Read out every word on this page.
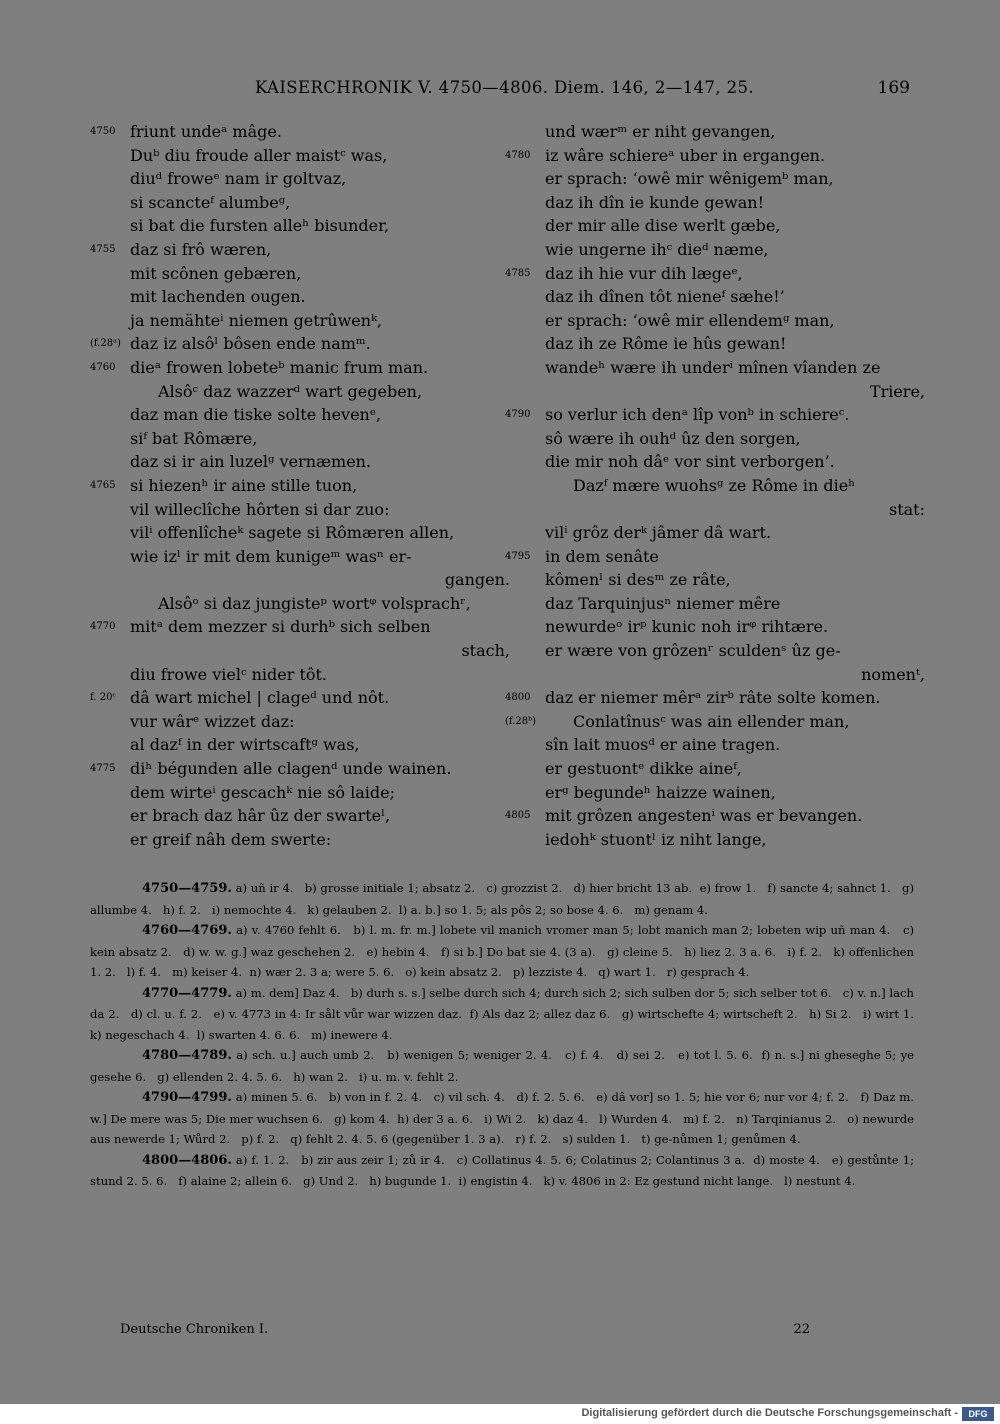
KAISERCHRONIK V. 4750—4806. Diem. 146, 2—147, 25.	169
4750 friunt undeᵃ mâge.
Duᵇ diu froude aller maistᶜ was,
diuᵈ froweᵉ nam ir goltvaz,
si scancteᶠ alumbeᵍ,
si bat die fursten alleʰ bisunder,
4755 daz si frô wæren,
mit scônen gebæren,
mit lachenden ougen.
ja nemähteⁱ niemen getrûwenᵏ,
(f.28ᵃ) daz iz alsôˡ bôsen ende namᵐ.
4760 dieᵃ frowen lobeteᵇ manic frum man.
Alsôᶜ daz wazzerᵈ wart gegeben,
daz man die tiske solte hevenᵉ,
siᶠ bat Rômære,
daz si ir ain luzelᵍ vernæmen.
4765 si hiezenʰ ir aine stille tuon,
vil willeclîche hôrten si dar zuo:
vilⁱ offenlîcheᵏ sagete si Rômæren allen,
wie izˡ ir mit dem kunigeᵐ wasⁿ er-
gangen.
Alsôᵒ si daz jungisteᵖ wortᵠ volsprachʳ,
4770 mitᵃ dem mezzer si durhᵇ sich selben
stach,
diu frowe vielᶜ nider tôt.
f. 20ᶜ dâ wart michel | clageᵈ und nôt.
vur wârᵉ wizzet daz:
al dazᶠ in der wirtscaftᵍ was,
4775 diʰ bégunden alle clagenᵈ unde wainen.
dem wirteⁱ gescachᵏ nie sô laide;
er brach daz hâr ûz der swarteˡ,
er greif nâh dem swerte:
und wærᵐ er niht gevangen,
4780 iz wâre schiereᵃ uber in ergangen.
er sprach: ‘owê mir wênigemᵇ man,
daz ih dîn ie kunde gewan!
der mir alle dise werlt gæbe,
wie ungerne ihᶜ dieᵈ næme,
4785 daz ih hie vur dih lægeᵉ,
daz ih dînen tôt nieneᶠ sæhe!’
er sprach: ‘owê mir ellendemᵍ man,
daz ih ze Rôme ie hûs gewan!
wandeʰ wære ih underⁱ mînen vîanden ze
Triere,
4790 so verlur ich denᵃ lîp vonᵇ in schiereᶜ.
sô wære ih ouhᵈ ûz den sorgen,
die mir noh dâᵉ vor sint verborgen’.
Dazᶠ mære wuohsᵍ ze Rôme in dieʰ
stat:
vilⁱ grôz derᵏ jâmer dâ wart.
4795 in dem senâte
kômenˡ si desᵐ ze râte,
daz Tarquinjusⁿ niemer mêre
newurdeᵒ irᵖ kunic noh irᵠ rihtære.
er wære von grôzenʳ sculdenˢ ûz ge-
nomenᵗ,
4800 daz er niemer mêrᵃ zirᵇ râte solte komen.
(f.28ᵇ)	Conlatînusᶜ was ain ellender man,
sîn lait muosᵈ er aine tragen.
er gestuontᵉ dikke aineᶠ,
erᵍ begundeʰ haizze wainen,
4805 mit grôzen angestenⁱ was er bevangen.
iedohᵏ stuontˡ iz niht lange,
4750—4759. a) uñ ir 4.   b) grosse initiale 1; absatz 2.   c) grozzist 2.   d) hier bricht 13 ab.  e) frow 1.   f) sancte 4; sahnct 1.   g) allumbe 4.   h) f. 2.   i) nemochte 4.   k) gelauben 2.  l) a. b.] so 1. 5; als pôs 2; so bose 4. 6.   m) genam 4.
4760—4769. a) v. 4760 fehlt 6.   b) l. m. fr. m.] lobete vil manich vromer man 5; lobt manich man 2; lobeten wip uñ man 4.   c) kein absatz 2.   d) w. w. g.] waz geschehen 2.   e) hebin 4.   f) si b.] Do bat sie 4. (3 a).   g) cleine 5.   h) liez 2. 3 a. 6.   i) f. 2.   k) offenlichen 1. 2.   l) f. 4.   m) keiser 4.  n) wær 2. 3 a; were 5. 6.   o) kein absatz 2.   p) lezziste 4.   q) wart 1.   r) gesprach 4.
4770—4779. a) m. dem] Daz 4.   b) durh s. s.] selbe durch sich 4; durch sich 2; sich sulben dor 5; sich selber tot 6.   c) v. n.] lach da 2.   d) cl. u. f. 2.   e) v. 4773 in 4: Ir sålt vůr war wizzen daz.  f) Als daz 2; allez daz 6.   g) wirtschefte 4; wirtscheft 2.   h) Si 2.   i) wirt 1.   k) negeschach 4.  l) swarten 4. 6. 6.   m) inewere 4.
4780—4789. a) sch. u.] auch umb 2.   b) wenigen 5; weniger 2. 4.   c) f. 4.   d) sei 2.   e) tot l. 5. 6.  f) n. s.] ni gheseghe 5; ye gesehe 6.   g) ellenden 2. 4. 5. 6.   h) wan 2.   i) u. m. v. fehlt 2.
4790—4799. a) minen 5. 6.   b) von in f. 2. 4.   c) vil sch. 4.   d) f. 2. 5. 6.   e) dâ vor] so 1. 5; hie vor 6; nur vor 4; f. 2.   f) Daz m. w.] De mere was 5; Die mer wuchsen 6.   g) kom 4.  h) der 3 a. 6.   i) Wi 2.   k) daz 4.   l) Wurden 4.   m) f. 2.   n) Tarqinianus 2.   o) newurde aus newerde 1; Wůrd 2.   p) f. 2.   q) fehlt 2. 4. 5. 6 (gegenüber 1. 3 a).   r) f. 2.   s) sulden 1.   t) ge-nůmen 1; genůmen 4.
4800—4806. a) f. 1. 2.   b) zir aus zeir 1; zů ir 4.   c) Collatinus 4. 5. 6; Colatinus 2; Colantinus 3 a.  d) moste 4.   e) gestůnte 1; stund 2. 5. 6.   f) alaine 2; allein 6.   g) Und 2.   h) bugunde 1.  i) engistin 4.   k) v. 4806 in 2: Ez gestund nicht lange.   l) nestunt 4.
Deutsche Chroniken I.	22
Digitalisierung gefördert durch die Deutsche Forschungsgemeinschaft -	DFG
